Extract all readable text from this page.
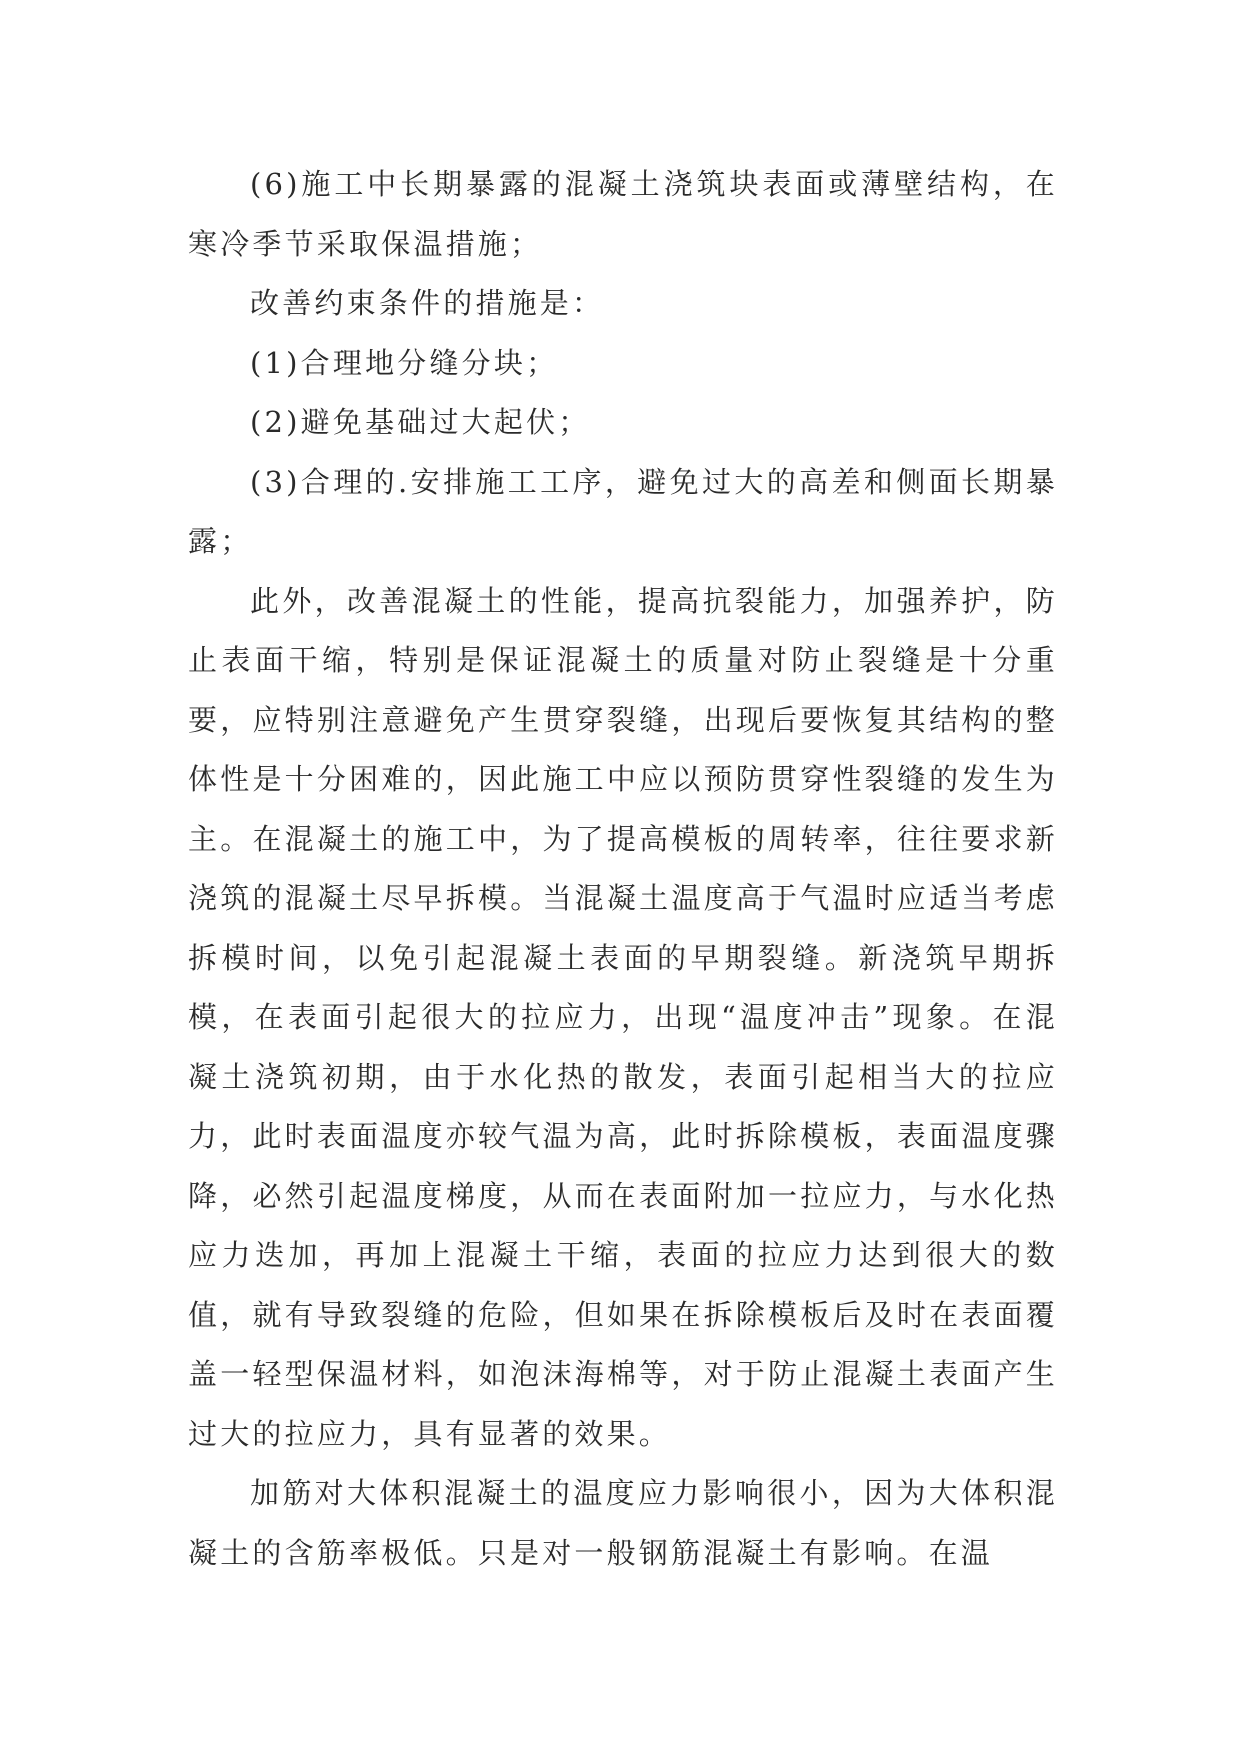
(6)施工中长期暴露的混凝土浇筑块表面或薄壁结构，在寒冷季节采取保温措施；

改善约束条件的措施是：

(1)合理地分缝分块；

(2)避免基础过大起伏；

(3)合理的.安排施工工序，避免过大的高差和侧面长期暴露；

此外，改善混凝土的性能，提高抗裂能力，加强养护，防止表面干缩，特别是保证混凝土的质量对防止裂缝是十分重要，应特别注意避免产生贯穿裂缝，出现后要恢复其结构的整体性是十分困难的，因此施工中应以预防贯穿性裂缝的发生为主。在混凝土的施工中，为了提高模板的周转率，往往要求新浇筑的混凝土尽早拆模。当混凝土温度高于气温时应适当考虑拆模时间，以免引起混凝土表面的早期裂缝。新浇筑早期拆模，在表面引起很大的拉应力，出现“温度冲击”现象。在混凝土浇筑初期，由于水化热的散发，表面引起相当大的拉应力，此时表面温度亦较气温为高，此时拆除模板，表面温度骤降，必然引起温度梯度，从而在表面附加一拉应力，与水化热应力迭加，再加上混凝土干缩，表面的拉应力达到很大的数值，就有导致裂缝的危险，但如果在拆除模板后及时在表面覆盖一轻型保温材料，如泡沫海棉等，对于防止混凝土表面产生过大的拉应力，具有显著的效果。

加筋对大体积混凝土的温度应力影响很小，因为大体积混凝土的含筋率极低。只是对一般钢筋混凝土有影响。在温
